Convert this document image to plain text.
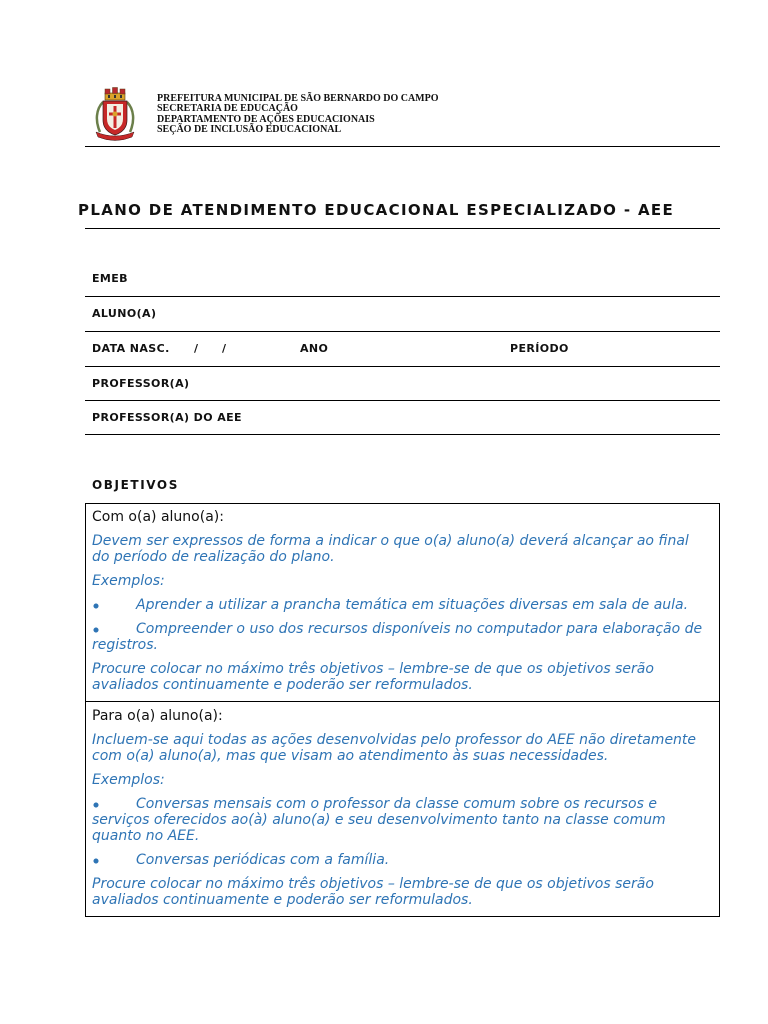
PREFEITURA MUNICIPAL DE SÃO BERNARDO DO CAMPO
SECRETARIA DE EDUCAÇÃO
DEPARTAMENTO DE AÇÕES EDUCACIONAIS
SEÇÃO DE INCLUSÃO EDUCACIONAL
PLANO DE ATENDIMENTO EDUCACIONAL ESPECIALIZADO - AEE
EMEB
ALUNO(A)
DATA NASC. / /	ANO	PERÍODO
PROFESSOR(A)
PROFESSOR(A) DO AEE
OBJETIVOS

Com o(a) aluno(a):

Devem ser expressos de forma a indicar o que o(a) aluno(a) deverá alcançar ao final do período de realização do plano.

Exemplos:

Aprender a utilizar a prancha temática em situações diversas em sala de aula.

Compreender o uso dos recursos disponíveis no computador para elaboração de registros.

Procure colocar no máximo três objetivos – lembre-se de que os objetivos serão avaliados continuamente e poderão ser reformulados.

Para o(a) aluno(a):

Incluem-se aqui todas as ações desenvolvidas pelo professor do AEE não diretamente com o(a) aluno(a), mas que visam ao atendimento às suas necessidades.

Exemplos:

Conversas mensais com o professor da classe comum sobre os recursos e serviços oferecidos ao(à) aluno(a) e seu desenvolvimento tanto na classe comum quanto no AEE.

Conversas periódicas com a família.

Procure colocar no máximo três objetivos – lembre-se de que os objetivos serão avaliados continuamente e poderão ser reformulados.
